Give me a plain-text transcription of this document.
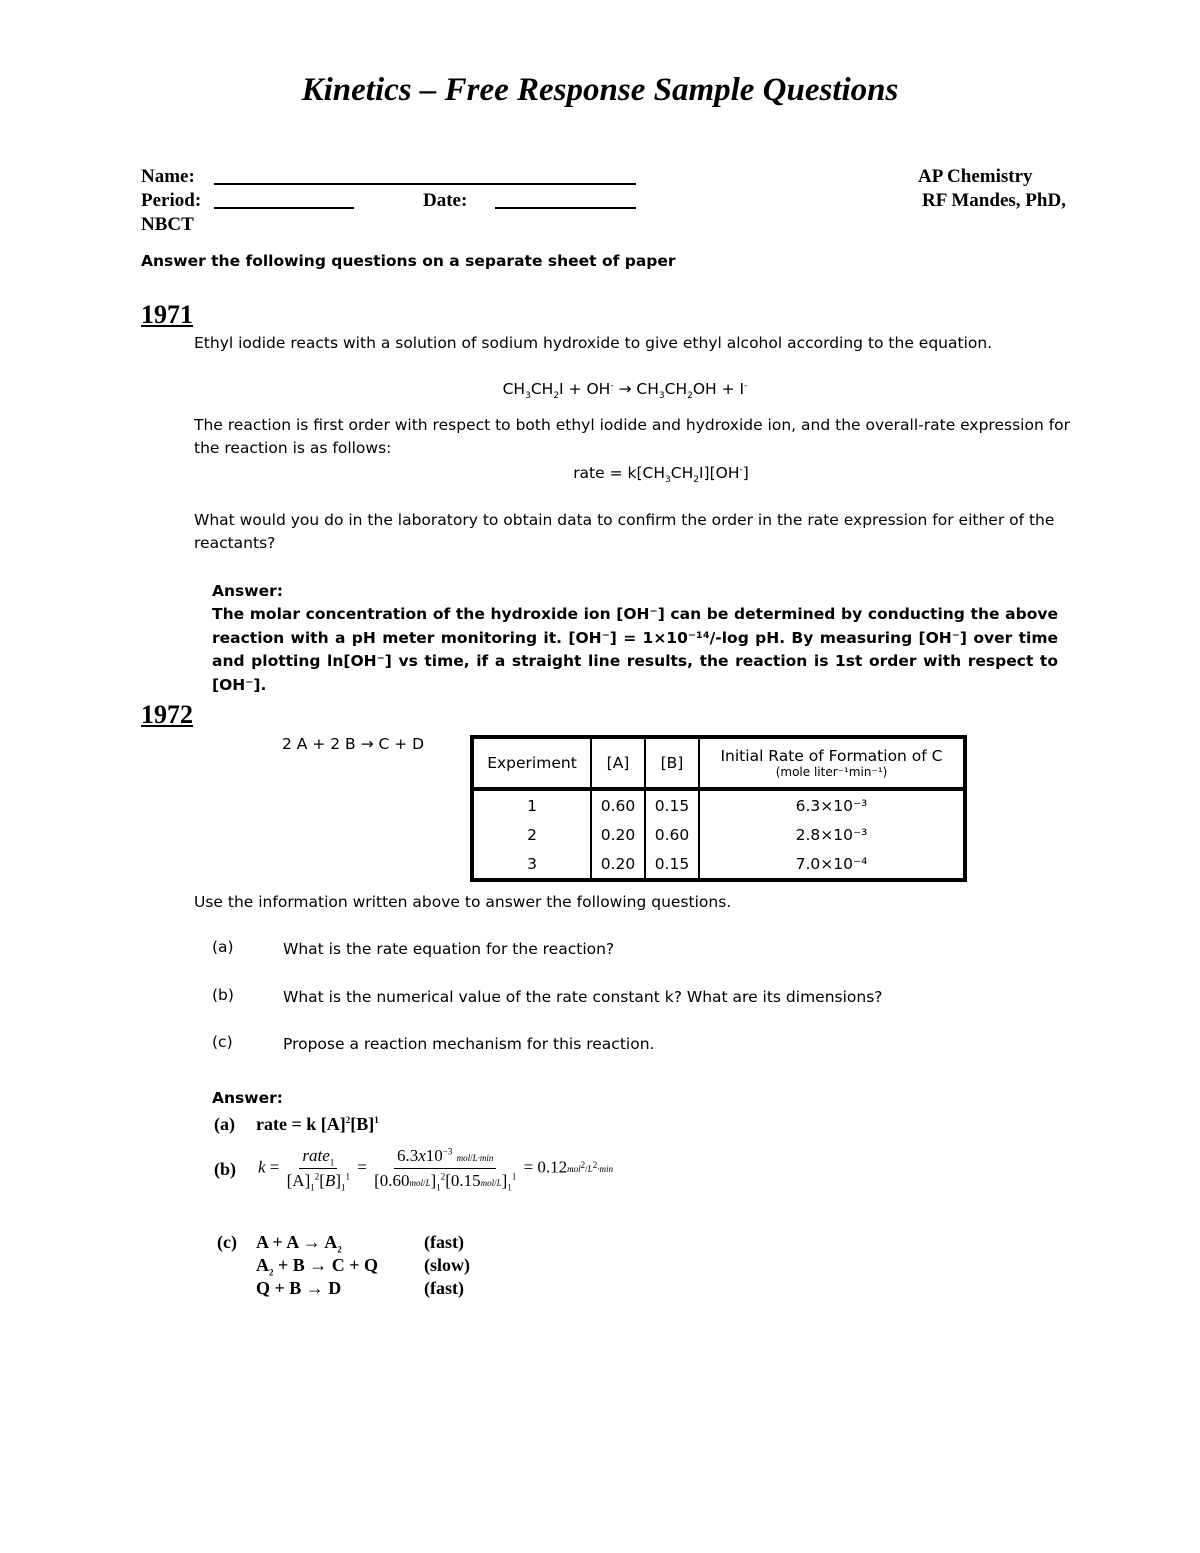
Kinetics – Free Response Sample Questions
Name:	AP Chemistry
Period:	Date:	RF Mandes, PhD,
NBCT
Answer the following questions on a separate sheet of paper
1971
Ethyl iodide reacts with a solution of sodium hydroxide to give ethyl alcohol according to the equation.
$CH_3CH_2I + OH^- \to CH_3CH_2OH + I^-$
The reaction is first order with respect to both ethyl iodide and hydroxide ion, and the overall-rate expression for the reaction is as follows:
rate = $k[CH_3CH_2I][OH^-]$
What would you do in the laboratory to obtain data to confirm the order in the rate expression for either of the reactants?
Answer:
The molar concentration of the hydroxide ion [OH⁻] can be determined by conducting the above reaction with a pH meter monitoring it. [OH⁻] = 1×10⁻¹⁴/-log pH. By measuring [OH⁻] over time and plotting ln[OH⁻] vs time, if a straight line results, the reaction is 1st order with respect to [OH⁻].
1972
2 A + 2 B → C + D
Experiment	[A]	[B]	Initial Rate of Formation of C
(mole liter⁻¹min⁻¹)

1	0.60	0.15	6.3×10⁻³
2	0.20	0.60	2.8×10⁻³
3	0.20	0.15	7.0×10⁻⁴
Use the information written above to answer the following questions.
(a)	What is the rate equation for the reaction?
(b)	What is the numerical value of the rate constant k? What are its dimensions?
(c)	Propose a reaction mechanism for this reaction.
Answer:
(a) rate = k $[A]^2[B]^1$
(b) $k = \frac{rate_1}{[A]_1^2[B]_1^1} = \frac{6.3x10^{-3} mol/L\cdot\min}{[0.60mol/L]_1^2[0.15mol/L]_1^1} = 0.12mol^2/L^2\cdot\min$
(c) $A + A \to A_2$	(fast)
$A_2 + B \to C + Q$	(slow)
Q + B → D	(fast)
